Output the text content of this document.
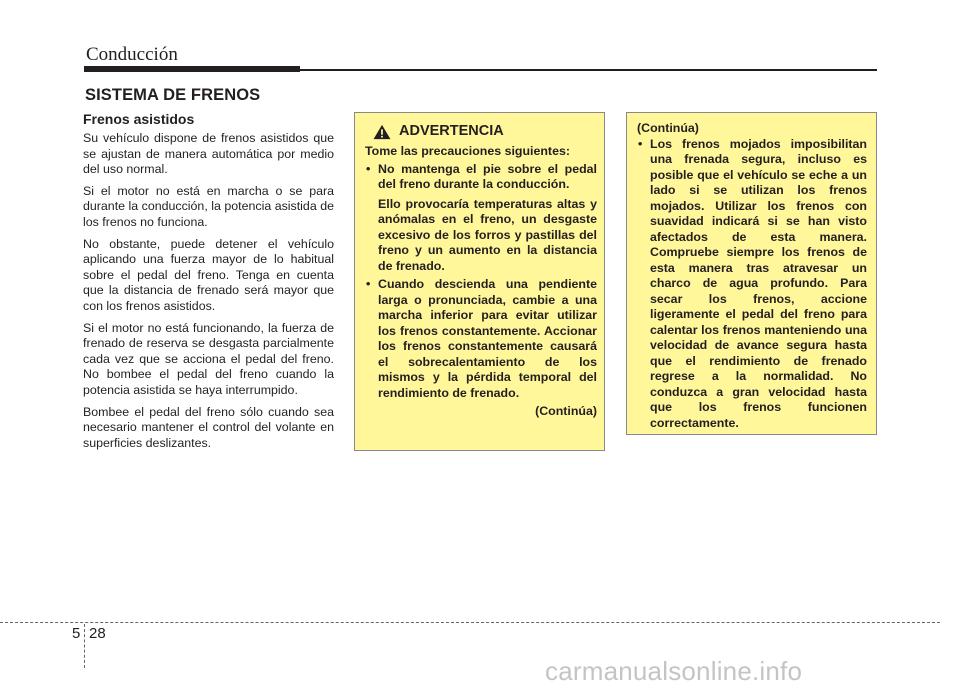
Conducción
SISTEMA DE FRENOS
Frenos asistidos

Su vehículo dispone de frenos asistidos que se ajustan de manera automática por medio del uso normal.

Si el motor no está en marcha o se para durante la conducción, la potencia asistida de los frenos no funciona.

No obstante, puede detener el vehículo aplicando una fuerza mayor de lo habitual sobre el pedal del freno. Tenga en cuenta que la distancia de frenado será mayor que con los frenos asistidos.

Si el motor no está funcionando, la fuerza de frenado de reserva se desgasta parcialmente cada vez que se acciona el pedal del freno. No bombee el pedal del freno cuando la potencia asistida se haya interrumpido.

Bombee el pedal del freno sólo cuando sea necesario mantener el control del volante en superficies deslizantes.

ADVERTENCIA

Tome las precauciones siguientes:

• No mantenga el pie sobre el pedal del freno durante la conducción.

Ello provocaría temperaturas altas y anómalas en el freno, un desgaste excesivo de los forros y pastillas del freno y un aumento en la distancia de frenado.

• Cuando descienda una pendiente larga o pronunciada, cambie a una marcha inferior para evitar utilizar los frenos constantemente. Accionar los frenos constantemente causará el sobrecalentamiento de los mismos y la pérdida temporal del rendimiento de frenado.

(Continúa)

(Continúa)

• Los frenos mojados imposibilitan una frenada segura, incluso es posible que el vehículo se eche a un lado si se utilizan los frenos mojados. Utilizar los frenos con suavidad indicará si se han visto afectados de esta manera. Compruebe siempre los frenos de esta manera tras atravesar un charco de agua profundo. Para secar los frenos, accione ligeramente el pedal del freno para calentar los frenos manteniendo una velocidad de avance segura hasta que el rendimiento de frenado regrese a la normalidad. No conduzca a gran velocidad hasta que los frenos funcionen correctamente.
5 28
carmanualsonline.info
